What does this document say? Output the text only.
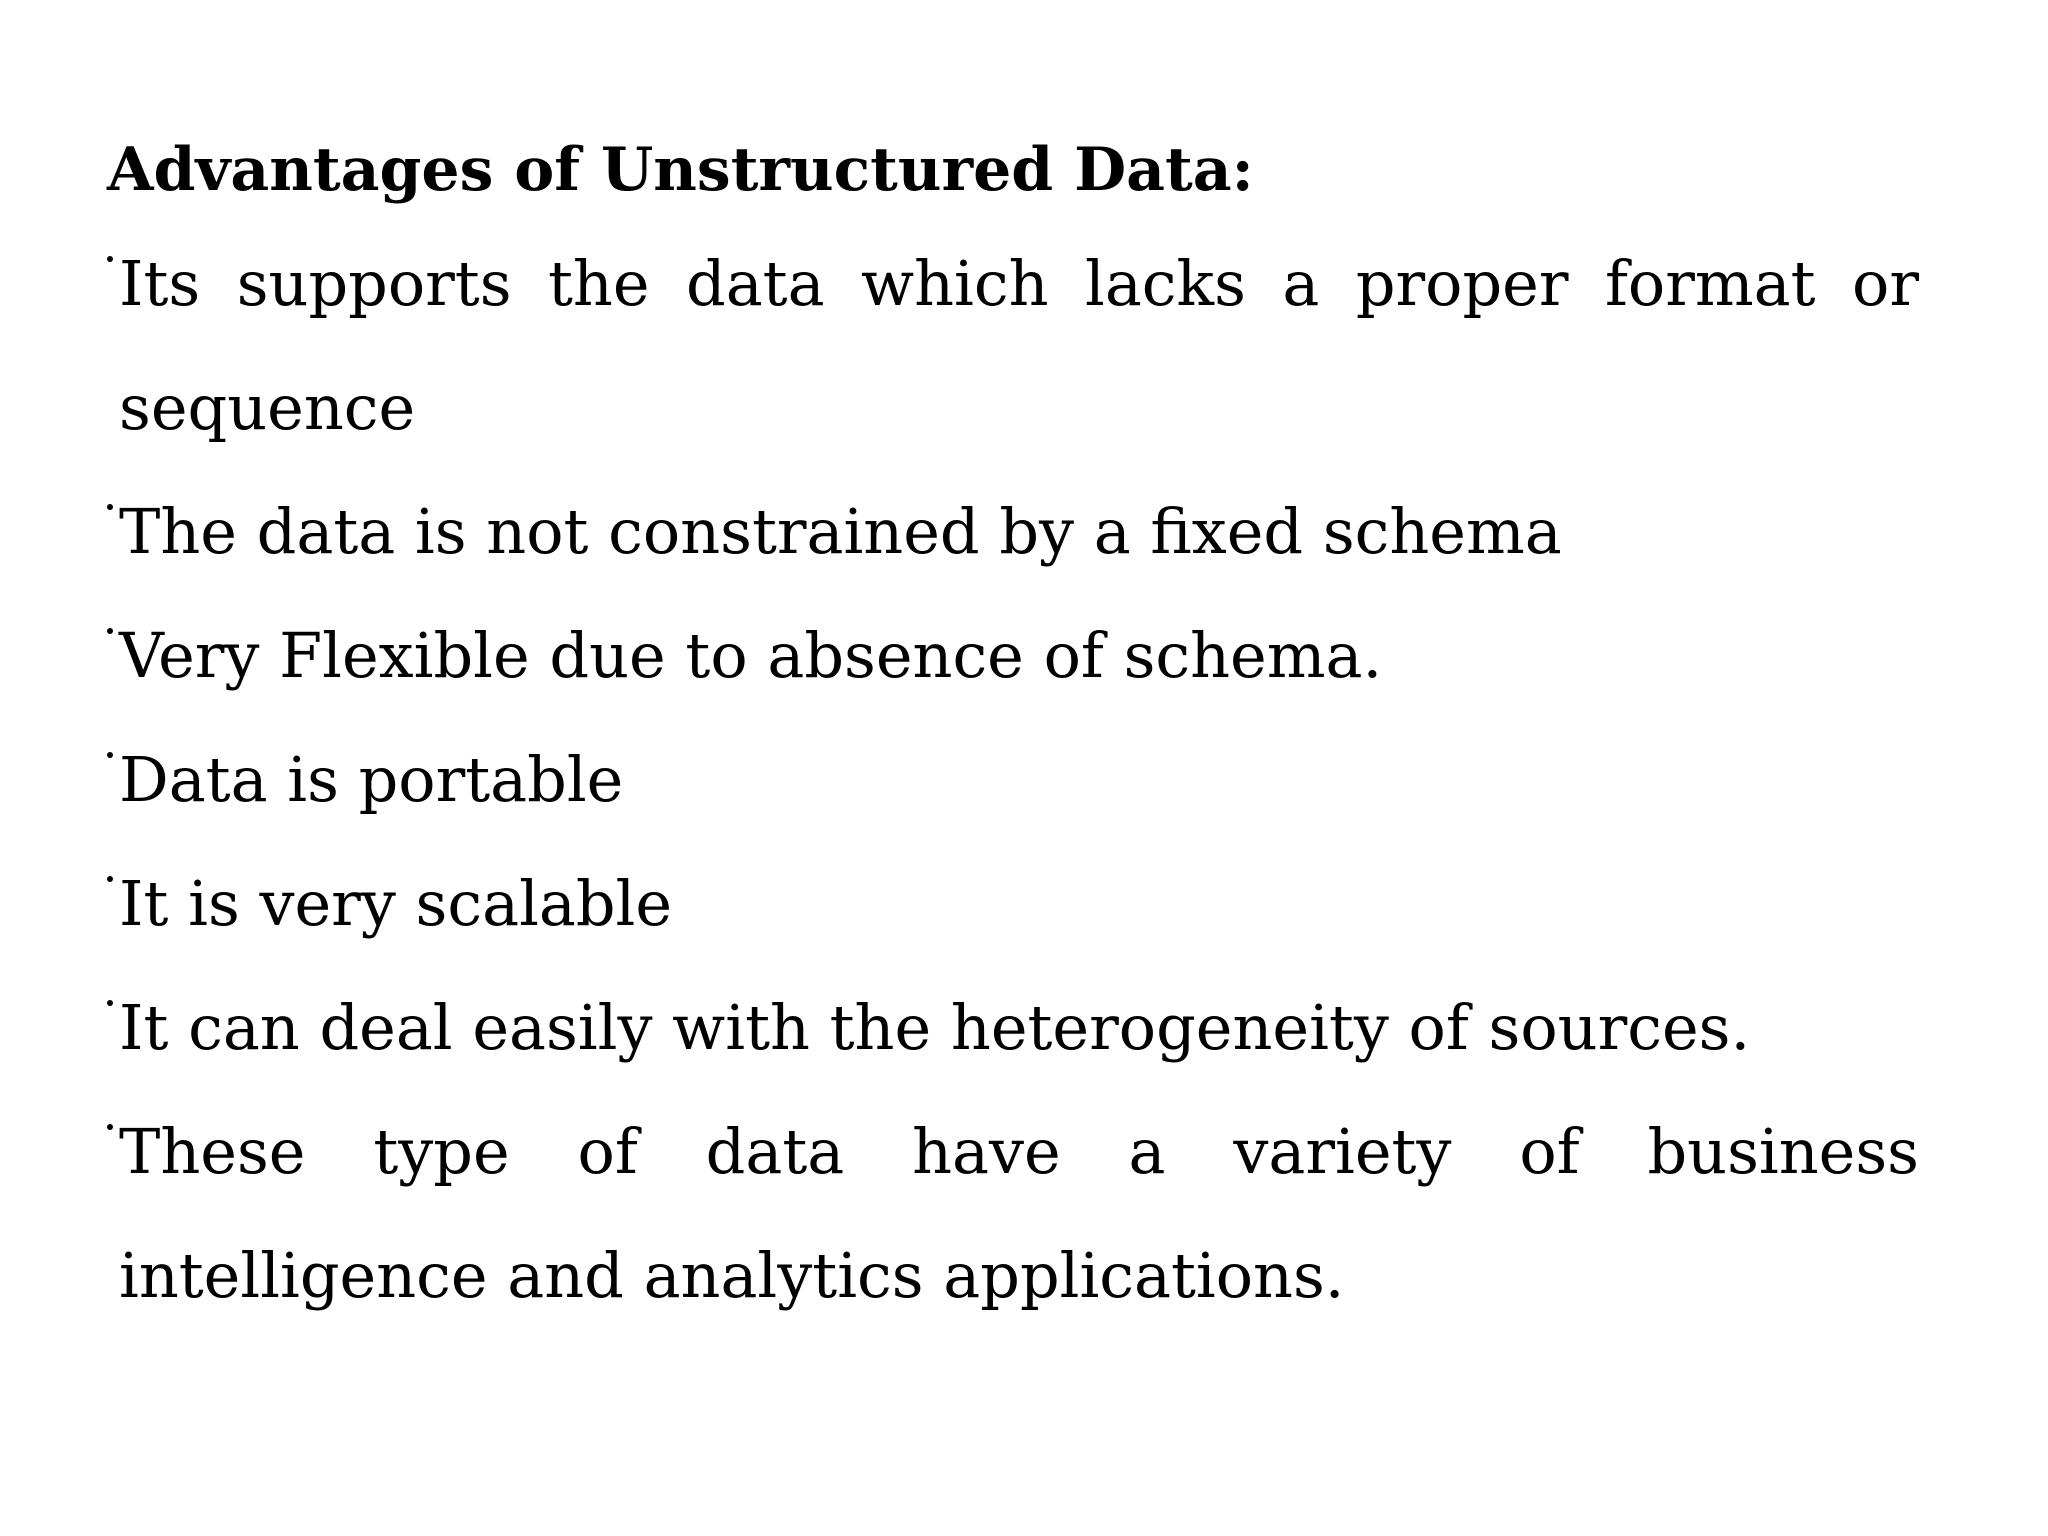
Advantages of Unstructured Data:
Its supports the data which lacks a proper format or sequence
The data is not constrained by a fixed schema
Very Flexible due to absence of schema.
Data is portable
It is very scalable
It can deal easily with the heterogeneity of sources.
These type of data have a variety of business intelligence and analytics applications.
